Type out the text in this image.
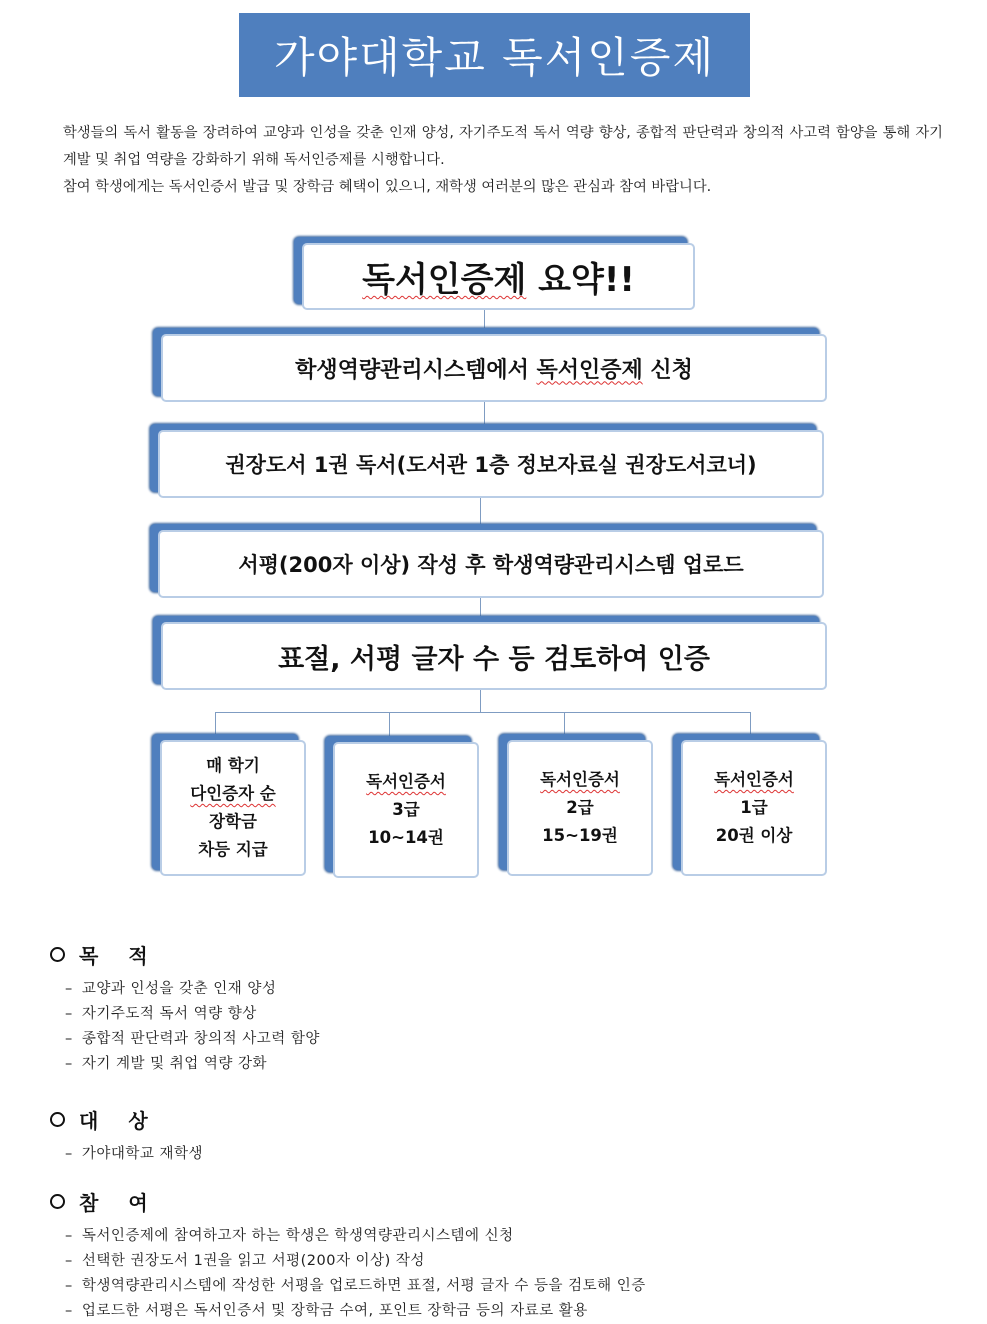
가야대학교 독서인증제

학생들의 독서 활동을 장려하여 교양과 인성을 갖춘 인재 양성, 자기주도적 독서 역량 향상, 종합적 판단력과 창의적 사고력 함양을 통해 자기 계발 및 취업 역량을 강화하기 위해 독서인증제를 시행합니다.

참여 학생에게는 독서인증서 발급 및 장학금 혜택이 있으니, 재학생 여러분의 많은 관심과 참여 바랍니다.

독서인증제 요약!!
학생역량관리시스템에서 독서인증제 신청
권장도서 1권 독서(도서관 1층 정보자료실 권장도서코너)
서평(200자 이상) 작성 후 학생역량관리시스템 업로드
표절, 서평 글자 수 등 검토하여 인증
매 학기
다인증자 순
장학금
차등 지급
독서인증서
3급
10~14권
독서인증서
2급
15~19권
독서인증서
1급
20권 이상
목적
– 교양과 인성을 갖춘 인재 양성
– 자기주도적 독서 역량 향상
– 종합적 판단력과 창의적 사고력 함양
– 자기 계발 및 취업 역량 강화
대상
– 가야대학교 재학생
참여
– 독서인증제에 참여하고자 하는 학생은 학생역량관리시스템에 신청
– 선택한 권장도서 1권을 읽고 서평(200자 이상) 작성
– 학생역량관리시스템에 작성한 서평을 업로드하면 표절, 서평 글자 수 등을 검토해 인증
– 업로드한 서평은 독서인증서 및 장학금 수여, 포인트 장학금 등의 자료로 활용
